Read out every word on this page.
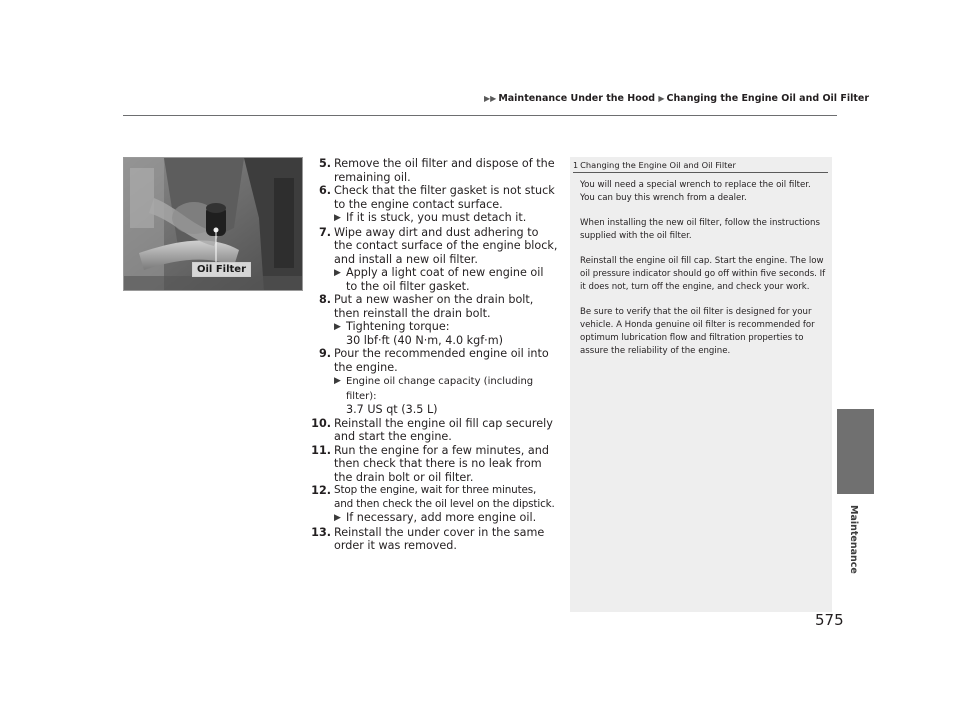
▶▶ Maintenance Under the Hood ▶ Changing the Engine Oil and Oil Filter
Maintenance
Oil Filter
5. Remove the oil filter and dispose of the remaining oil.
6. Check that the filter gasket is not stuck to the engine contact surface.
▶ If it is stuck, you must detach it.
7. Wipe away dirt and dust adhering to the contact surface of the engine block, and install a new oil filter.
▶ Apply a light coat of new engine oil to the oil filter gasket.
8. Put a new washer on the drain bolt, then reinstall the drain bolt.
▶ Tightening torque:
30 lbf·ft (40 N·m, 4.0 kgf·m)
9. Pour the recommended engine oil into the engine.
▶ Engine oil change capacity (including filter):
3.7 US qt (3.5 L)
10. Reinstall the engine oil fill cap securely and start the engine.
11. Run the engine for a few minutes, and then check that there is no leak from the drain bolt or oil filter.
12. Stop the engine, wait for three minutes, and then check the oil level on the dipstick.
▶ If necessary, add more engine oil.
13. Reinstall the under cover in the same order it was removed.
1 Changing the Engine Oil and Oil Filter

You will need a special wrench to replace the oil filter. You can buy this wrench from a dealer.

When installing the new oil filter, follow the instructions supplied with the oil filter.

Reinstall the engine oil fill cap. Start the engine. The low oil pressure indicator should go off within five seconds. If it does not, turn off the engine, and check your work.

Be sure to verify that the oil filter is designed for your vehicle. A Honda genuine oil filter is recommended for optimum lubrication flow and filtration properties to assure the reliability of the engine.

575
